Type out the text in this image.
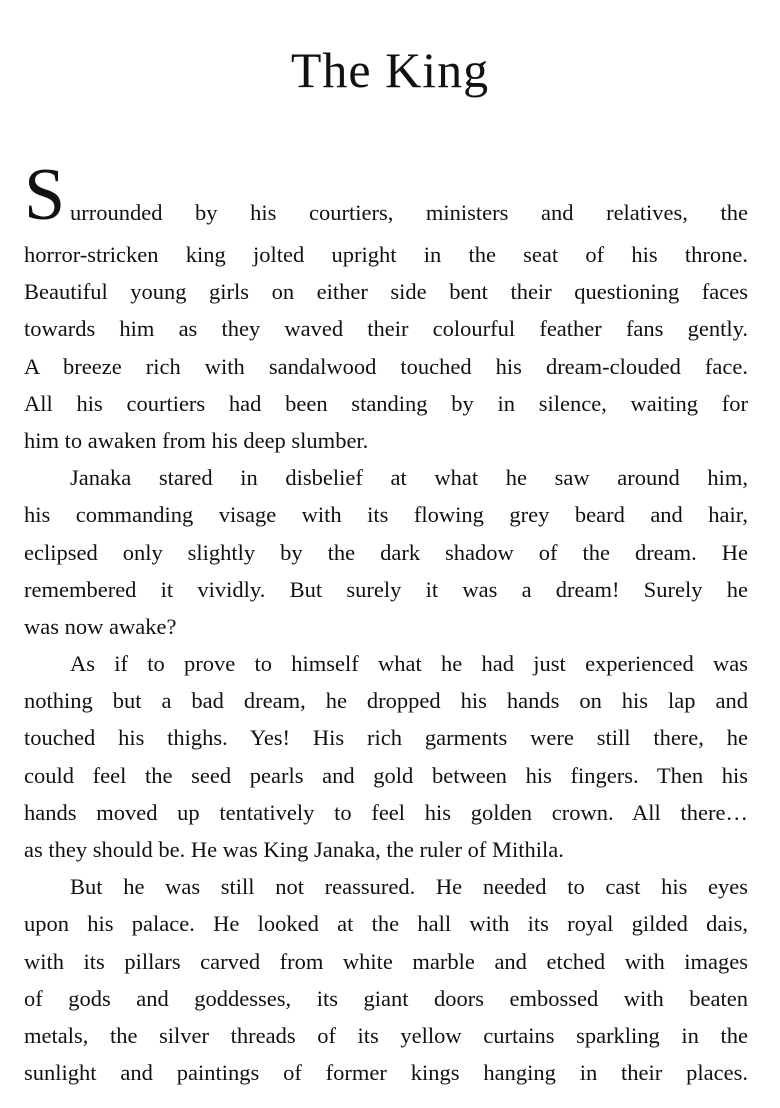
The King
S urrounded by his courtiers, ministers and relatives, the
horror-stricken king jolted upright in the seat of his throne.
Beautiful young girls on either side bent their questioning faces
towards him as they waved their colourful feather fans gently.
A breeze rich with sandalwood touched his dream-clouded face.
All his courtiers had been standing by in silence, waiting for
him to awaken from his deep slumber.
Janaka stared in disbelief at what he saw around him,
his commanding visage with its flowing grey beard and hair,
eclipsed only slightly by the dark shadow of the dream. He
remembered it vividly. But surely it was a dream! Surely he
was now awake?
As if to prove to himself what he had just experienced was
nothing but a bad dream, he dropped his hands on his lap and
touched his thighs. Yes! His rich garments were still there, he
could feel the seed pearls and gold between his fingers. Then his
hands moved up tentatively to feel his golden crown. All there…
as they should be. He was King Janaka, the ruler of Mithila.
But he was still not reassured. He needed to cast his eyes
upon his palace. He looked at the hall with its royal gilded dais,
with its pillars carved from white marble and etched with images
of gods and goddesses, its giant doors embossed with beaten
metals, the silver threads of its yellow curtains sparkling in the
sunlight and paintings of former kings hanging in their places.
